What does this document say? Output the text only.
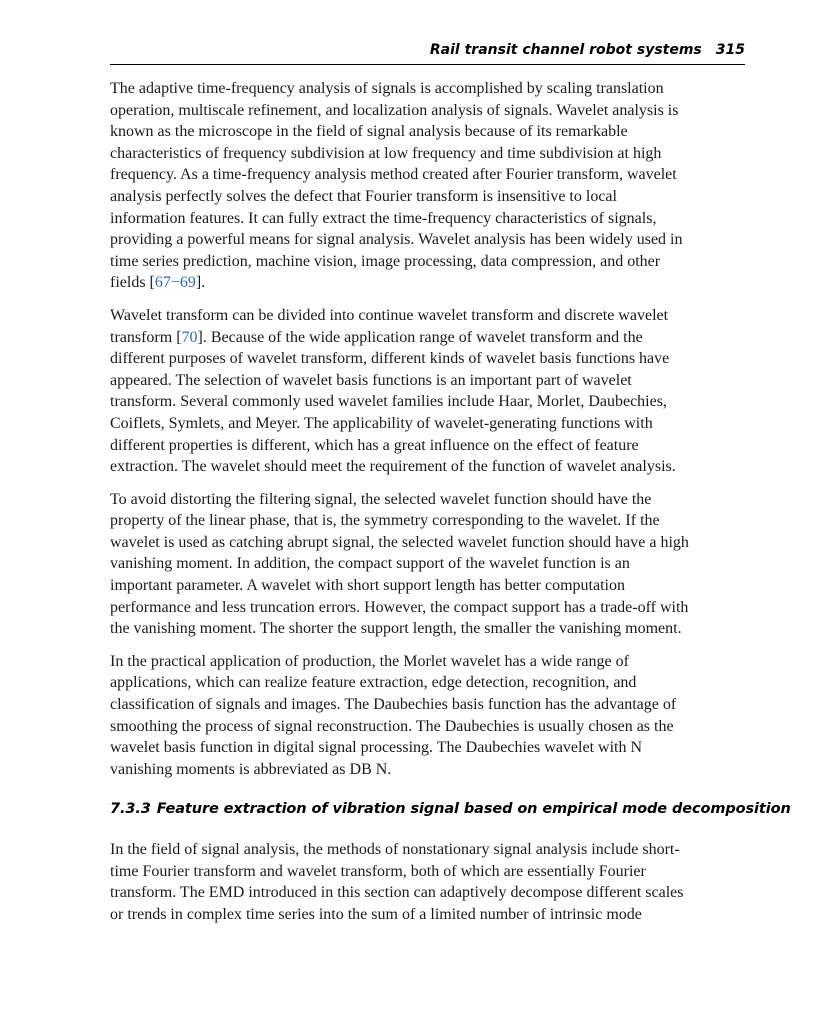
Rail transit channel robot systems 315

The adaptive time-frequency analysis of signals is accomplished by scaling translation
operation, multiscale refinement, and localization analysis of signals. Wavelet analysis is
known as the microscope in the field of signal analysis because of its remarkable
characteristics of frequency subdivision at low frequency and time subdivision at high
frequency. As a time-frequency analysis method created after Fourier transform, wavelet
analysis perfectly solves the defect that Fourier transform is insensitive to local
information features. It can fully extract the time-frequency characteristics of signals,
providing a powerful means for signal analysis. Wavelet analysis has been widely used in
time series prediction, machine vision, image processing, data compression, and other
fields [67−69].

Wavelet transform can be divided into continue wavelet transform and discrete wavelet
transform [70]. Because of the wide application range of wavelet transform and the
different purposes of wavelet transform, different kinds of wavelet basis functions have
appeared. The selection of wavelet basis functions is an important part of wavelet
transform. Several commonly used wavelet families include Haar, Morlet, Daubechies,
Coiflets, Symlets, and Meyer. The applicability of wavelet-generating functions with
different properties is different, which has a great influence on the effect of feature
extraction. The wavelet should meet the requirement of the function of wavelet analysis.

To avoid distorting the filtering signal, the selected wavelet function should have the
property of the linear phase, that is, the symmetry corresponding to the wavelet. If the
wavelet is used as catching abrupt signal, the selected wavelet function should have a high
vanishing moment. In addition, the compact support of the wavelet function is an
important parameter. A wavelet with short support length has better computation
performance and less truncation errors. However, the compact support has a trade-off with
the vanishing moment. The shorter the support length, the smaller the vanishing moment.

In the practical application of production, the Morlet wavelet has a wide range of
applications, which can realize feature extraction, edge detection, recognition, and
classification of signals and images. The Daubechies basis function has the advantage of
smoothing the process of signal reconstruction. The Daubechies is usually chosen as the
wavelet basis function in digital signal processing. The Daubechies wavelet with N
vanishing moments is abbreviated as DB N.

7.3.3 Feature extraction of vibration signal based on empirical mode decomposition

In the field of signal analysis, the methods of nonstationary signal analysis include short-
time Fourier transform and wavelet transform, both of which are essentially Fourier
transform. The EMD introduced in this section can adaptively decompose different scales
or trends in complex time series into the sum of a limited number of intrinsic mode
